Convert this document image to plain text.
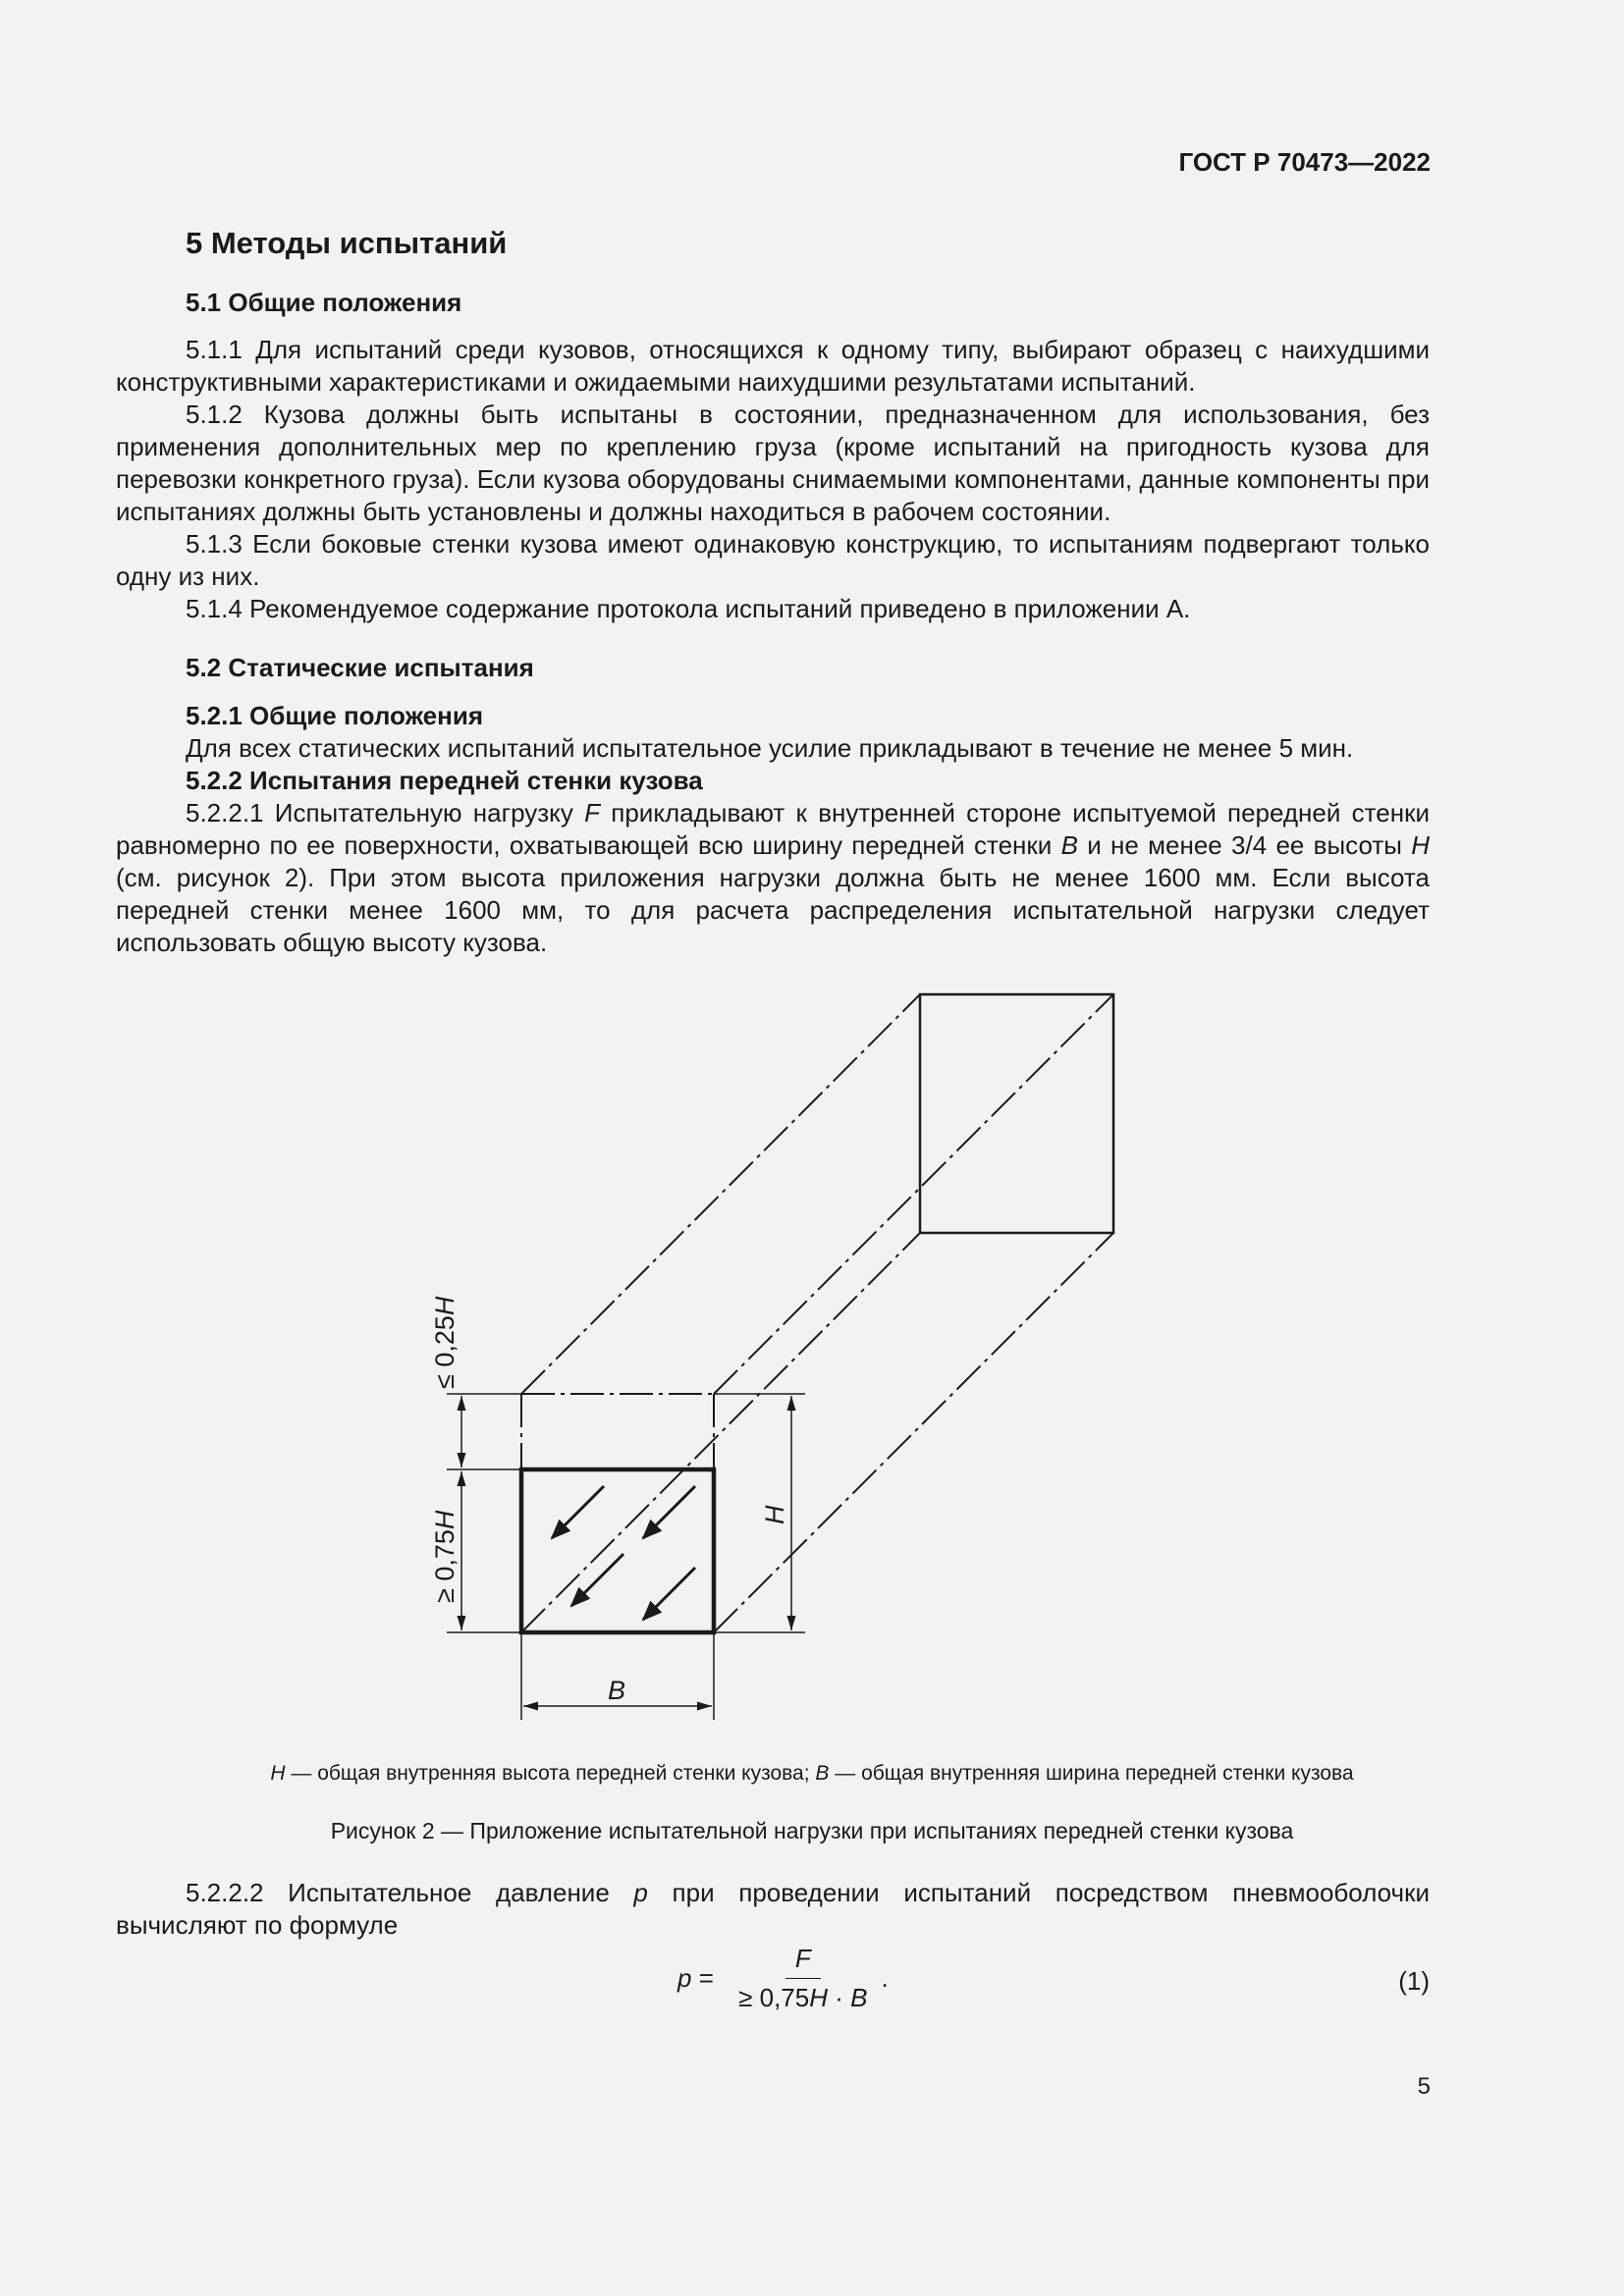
ГОСТ Р 70473—2022
5 Методы испытаний
5.1 Общие положения

5.1.1 Для испытаний среди кузовов, относящихся к одному типу, выбирают образец с наихудшими конструктивными характеристиками и ожидаемыми наихудшими результатами испытаний.

5.1.2 Кузова должны быть испытаны в состоянии, предназначенном для использования, без применения дополнительных мер по креплению груза (кроме испытаний на пригодность кузова для перевозки конкретного груза). Если кузова оборудованы снимаемыми компонентами, данные компоненты при испытаниях должны быть установлены и должны находиться в рабочем состоянии.

5.1.3 Если боковые стенки кузова имеют одинаковую конструкцию, то испытаниям подвергают только одну из них.

5.1.4 Рекомендуемое содержание протокола испытаний приведено в приложении А.

5.2 Статические испытания

5.2.1 Общие положения

Для всех статических испытаний испытательное усилие прикладывают в течение не менее 5 мин.

5.2.2 Испытания передней стенки кузова

5.2.2.1 Испытательную нагрузку F прикладывают к внутренней стороне испытуемой передней стенки равномерно по ее поверхности, охватывающей всю ширину передней стенки B и не менее 3/4 ее высоты H (см. рисунок 2). При этом высота приложения нагрузки должна быть не менее 1600 мм. Если высота передней стенки менее 1600 мм, то для расчета распределения испытательной нагрузки следует использовать общую высоту кузова.

≤ 0,25H
≥ 0,75H	H
B
H — общая внутренняя высота передней стенки кузова; B — общая внутренняя ширина передней стенки кузова
Рисунок 2 — Приложение испытательной нагрузки при испытаниях передней стенки кузова

5.2.2.2 Испытательное давление p при проведении испытаний посредством пневмооболочки вычисляют по формуле

$p = \frac{F}{\ge 0,75H \cdot B}$ .	(1)
5
